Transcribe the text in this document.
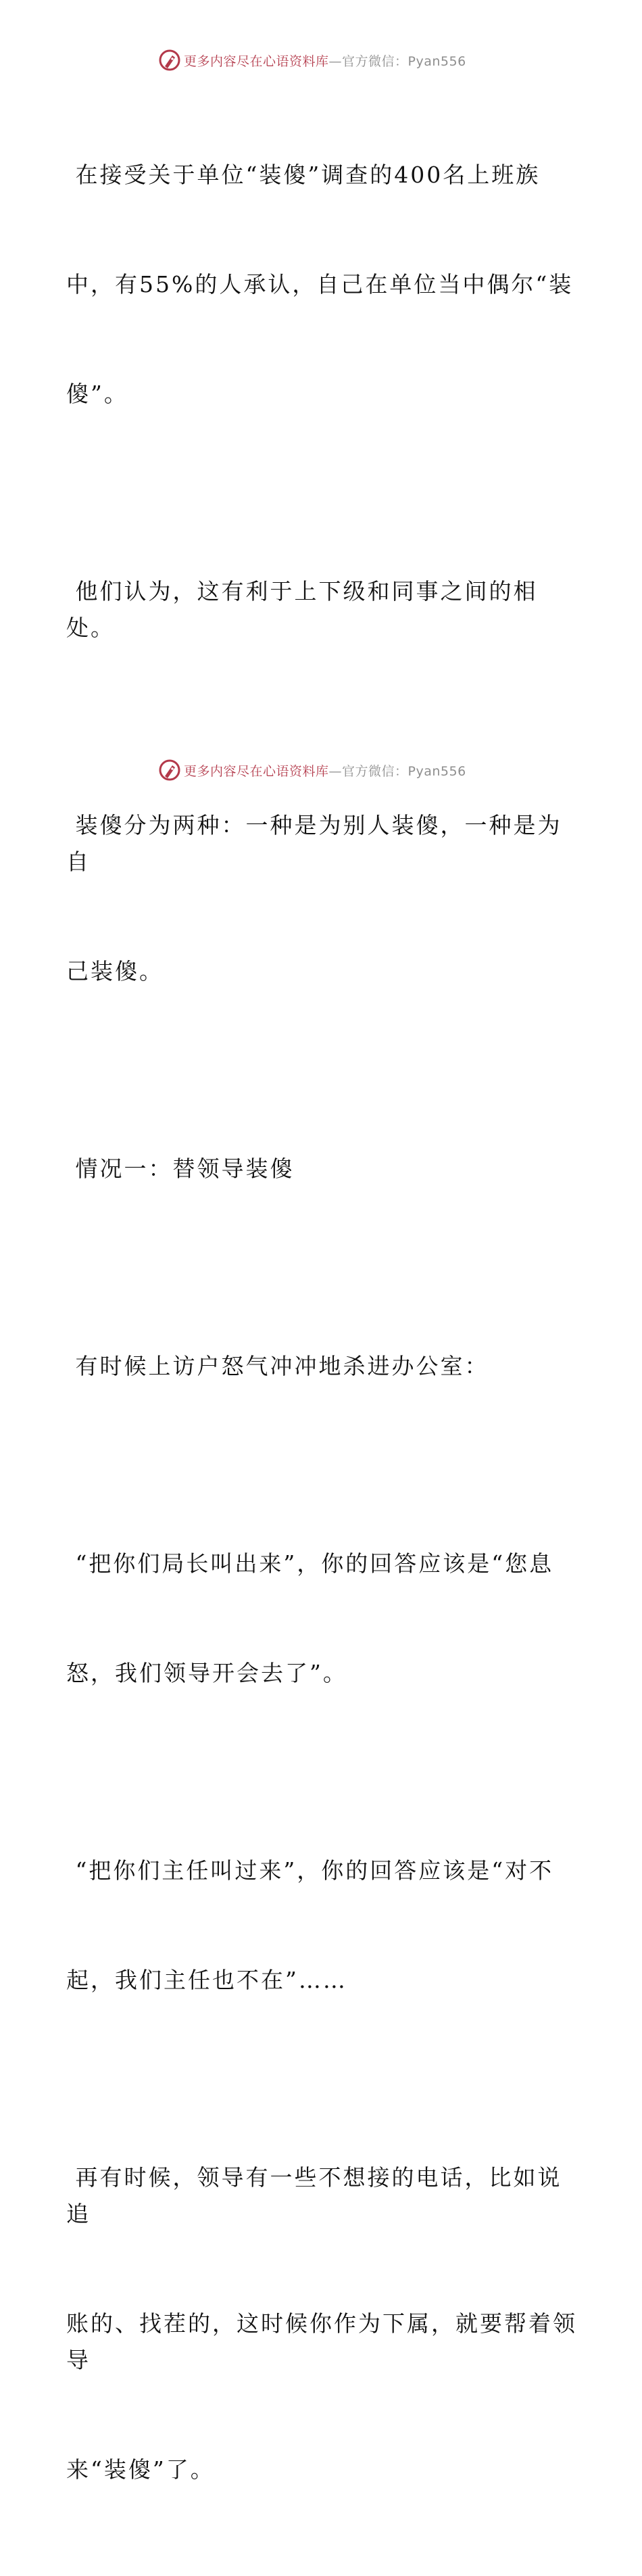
更多内容尽在心语资料库—官方微信：Pyan556

在接受关于单位“装傻”调查的400名上班族

中，有55%的人承认，自己在单位当中偶尔“装

傻”。

他们认为，这有利于上下级和同事之间的相处。

装傻分为两种：一种是为别人装傻，一种是为自

己装傻。

情况一：替领导装傻

有时候上访户怒气冲冲地杀进办公室：

“把你们局长叫出来”，你的回答应该是“您息

怒，我们领导开会去了”。

“把你们主任叫过来”，你的回答应该是“对不

起，我们主任也不在”……

再有时候，领导有一些不想接的电话，比如说追

账的、找茬的，这时候你作为下属，就要帮着领导

来“装傻”了。

更多内容尽在心语资料库—官方微信：Pyan556
